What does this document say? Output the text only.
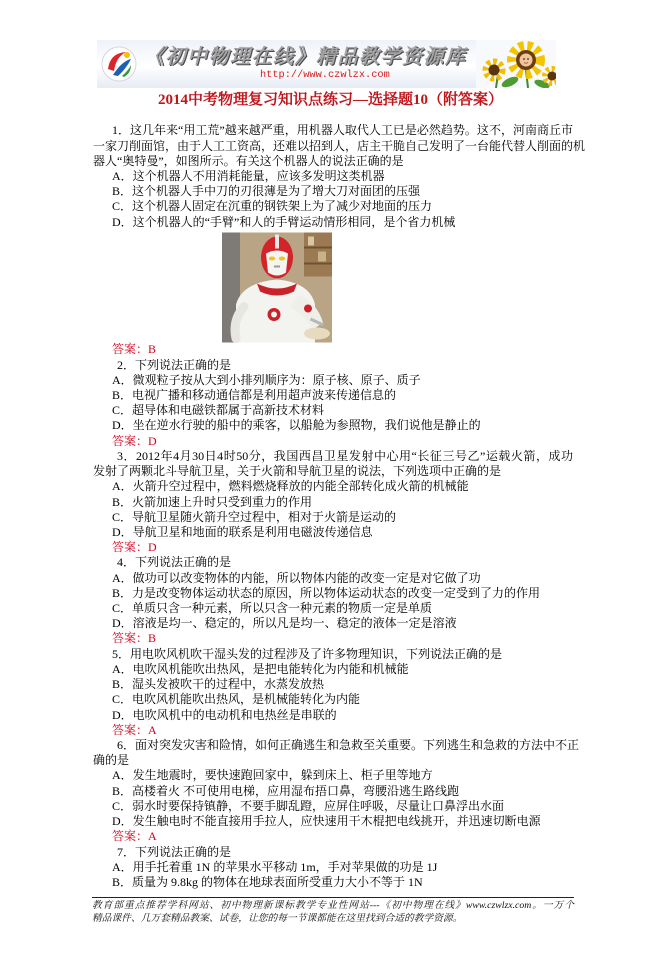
《初中物理在线》精品教学资源库
http://www.czwlzx.com
2014中考物理复习知识点练习—选择题10（附答案）
1．这几年来“用工荒”越来越严重，用机器人取代人工已是必然趋势。这不，河南商丘市
一家刀削面馆，由于人工工资高，还难以招到人，店主干脆自己发明了一台能代替人削面的机
器人“奥特曼”，如图所示。有关这个机器人的说法正确的是
A．这个机器人不用消耗能量，应该多发明这类机器
B．这个机器人手中刀的刃很薄是为了增大刀对面团的压强
C．这个机器人固定在沉重的钢铁架上为了减少对地面的压力
D．这个机器人的“手臂”和人的手臂运动情形相同，是个省力机械
答案：B
2．下列说法正确的是
A．微观粒子按从大到小排列顺序为：原子核、原子、质子
B．电视广播和移动通信都是利用超声波来传递信息的
C．超导体和电磁铁都属于高新技术材料
D．坐在逆水行驶的船中的乘客，以船舱为参照物，我们说他是静止的
答案：D
3．2012年4月30日4时50分，我国西昌卫星发射中心用“长征三号乙”运载火箭，成功
发射了两颗北斗导航卫星，关于火箭和导航卫星的说法，下列选项中正确的是
A．火箭升空过程中，燃料燃烧释放的内能全部转化成火箭的机械能
B．火箭加速上升时只受到重力的作用
C．导航卫星随火箭升空过程中，相对于火箭是运动的
D．导航卫星和地面的联系是利用电磁波传递信息
答案：D
4．下列说法正确的是
A．做功可以改变物体的内能，所以物体内能的改变一定是对它做了功
B．力是改变物体运动状态的原因，所以物体运动状态的改变一定受到了力的作用
C．单质只含一种元素，所以只含一种元素的物质一定是单质
D．溶液是均一、稳定的，所以凡是均一、稳定的液体一定是溶液
答案：B
5．用电吹风机吹干湿头发的过程涉及了许多物理知识，下列说法正确的是
A．电吹风机能吹出热风，是把电能转化为内能和机械能
B．湿头发被吹干的过程中，水蒸发放热
C．电吹风机能吹出热风，是机械能转化为内能
D．电吹风机中的电动机和电热丝是串联的
答案：A
6．面对突发灾害和险情，如何正确逃生和急救至关重要。下列逃生和急救的方法中不正
确的是
A．发生地震时，要快速跑回家中，躲到床上、柜子里等地方
B．高楼着火 不可使用电梯，应用湿布捂口鼻，弯腰沿逃生路线跑
C．弱水时要保持镇静，不要手脚乱蹬，应屏住呼吸，尽量让口鼻浮出水面
D．发生触电时不能直接用手拉人，应快速用干木棍把电线挑开，并迅速切断电源
答案：A
7．下列说法正确的是
A．用手托着重 1N 的苹果水平移动 1m，手对苹果做的功是 1J
B．质量为 9.8kg 的物体在地球表面所受重力大小不等于 1N
教育部重点推荐学科网站、初中物理新课标教学专业性网站---《初中物理在线》www.czwlzx.com。一万个
精品课件、几万套精品教案、试卷，让您的每一节课都能在这里找到合适的教学资源。
